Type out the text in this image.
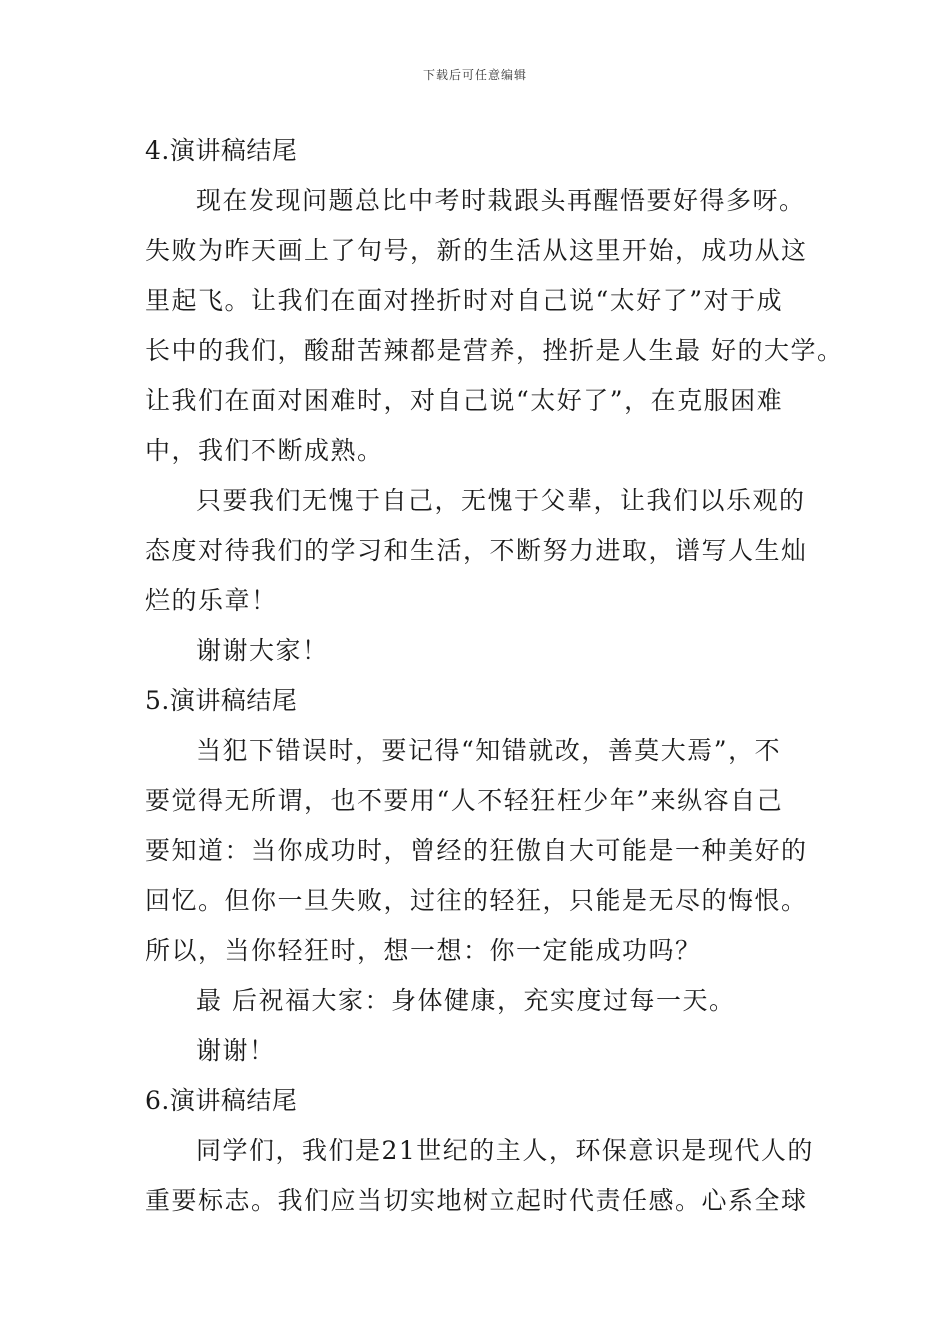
下载后可任意编辑
4.演讲稿结尾
现在发现问题总比中考时栽跟头再醒悟要好得多呀。
失败为昨天画上了句号，新的生活从这里开始，成功从这
里起飞。让我们在面对挫折时对自己说“太好了”对于成
长中的我们，酸甜苦辣都是营养，挫折是人生最 好的大学。
让我们在面对困难时，对自己说“太好了”，在克服困难
中，我们不断成熟。
只要我们无愧于自己，无愧于父辈，让我们以乐观的
态度对待我们的学习和生活，不断努力进取，谱写人生灿
烂的乐章！
谢谢大家！
5.演讲稿结尾
当犯下错误时，要记得“知错就改，善莫大焉”，不
要觉得无所谓，也不要用“人不轻狂枉少年”来纵容自己
要知道：当你成功时，曾经的狂傲自大可能是一种美好的
回忆。但你一旦失败，过往的轻狂，只能是无尽的悔恨。
所以，当你轻狂时，想一想：你一定能成功吗？
最 后祝福大家：身体健康，充实度过每一天。
谢谢！
6.演讲稿结尾
同学们，我们是21世纪的主人，环保意识是现代人的
重要标志。我们应当切实地树立起时代责任感。心系全球
